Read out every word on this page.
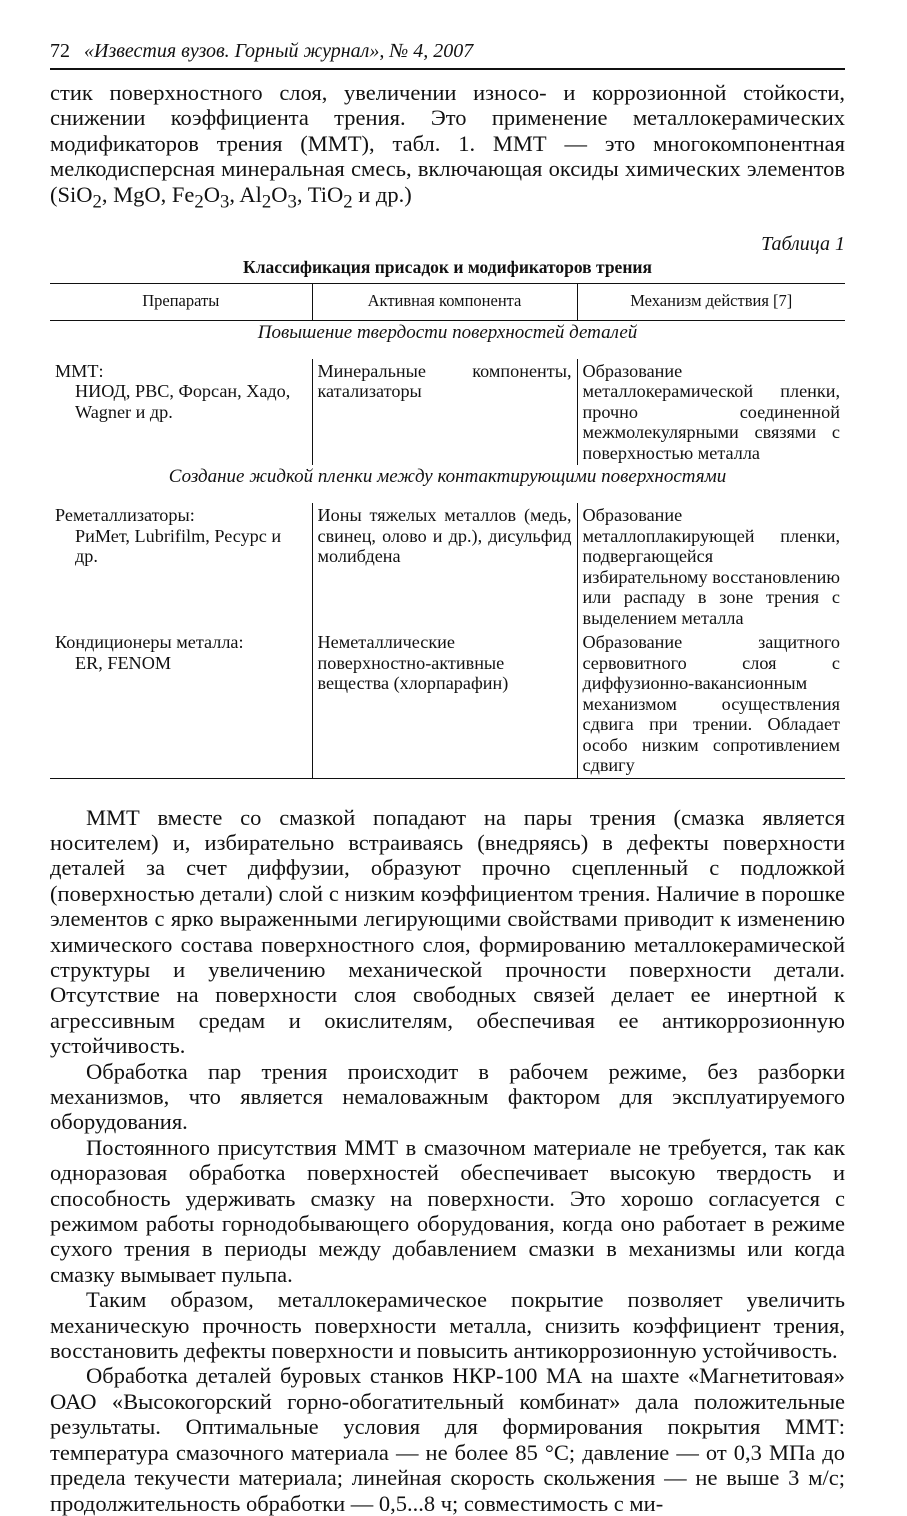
72 «Известия вузов. Горный журнал», № 4, 2007

стик поверхностного слоя, увеличении износо- и коррозионной стойкости, снижении коэффициента трения. Это применение металлокерамических модификаторов трения (ММТ), табл. 1. ММТ — это многокомпонентная мелкодисперсная минеральная смесь, включающая оксиды химических элементов (SiO$_2$, MgO, $Fe_2O_3$, $Al_2O_3$, TiO$_2$ и др.)

Таблица 1
Классификация присадок и модификаторов трения
Препараты	Активная компонента	Механизм действия [7]
Повышение твердости поверхностей деталей		

ММТ:
НИОД, РВС, Форсан, Хадо, Wagner и др.	Минеральные компоненты, катализаторы	Образование металлокерамической пленки, прочно соединенной межмолекулярными связями с поверхностью металла
Создание жидкой пленки между контактирующими поверхностями		

Реметаллизаторы:
РиМет, Lubrifilm, Ресурс и др.	Ионы тяжелых металлов (медь, свинец, олово и др.), дисульфид молибдена	Образование металлоплакирующей пленки, подвергающейся избирательному восстановлению или распаду в зоне трения с выделением металла

Кондиционеры металла:
ER, FENOM	Неметаллические поверхностно-активные вещества (хлорпарафин)	Образование защитного сервовитного слоя с диффузионно-вакансионным механизмом осуществления сдвига при трении. Обладает особо низким сопротивлением сдвигу

ММТ вместе со смазкой попадают на пары трения (смазка является носителем) и, избирательно встраиваясь (внедряясь) в дефекты поверхности деталей за счет диффузии, образуют прочно сцепленный с подложкой (поверхностью детали) слой с низким коэффициентом трения. Наличие в порошке элементов с ярко выраженными легирующими свойствами приводит к изменению химического состава поверхностного слоя, формированию металлокерамической структуры и увеличению механической прочности поверхности детали. Отсутствие на поверхности слоя свободных связей делает ее инертной к агрессивным средам и окислителям, обеспечивая ее антикоррозионную устойчивость.

Обработка пар трения происходит в рабочем режиме, без разборки механизмов, что является немаловажным фактором для эксплуатируемого оборудования.

Постоянного присутствия ММТ в смазочном материале не требуется, так как одноразовая обработка поверхностей обеспечивает высокую твердость и способность удерживать смазку на поверхности. Это хорошо согласуется с режимом работы горнодобывающего оборудования, когда оно работает в режиме сухого трения в периоды между добавлением смазки в механизмы или когда смазку вымывает пульпа.

Таким образом, металлокерамическое покрытие позволяет увеличить механическую прочность поверхности металла, снизить коэффициент трения, восстановить дефекты поверхности и повысить антикоррозионную устойчивость.

Обработка деталей буровых станков НКР-100 МА на шахте «Магнетитовая» ОАО «Высокогорский горно-обогатительный комбинат» дала положительные результаты. Оптимальные условия для формирования покрытия ММТ: температура смазочного материала — не более 85 °С; давление — от 0,3 МПа до предела текучести материала; линейная скорость скольжения — не выше 3 м/с; продолжительность обработки — 0,5...8 ч; совместимость с ми-
